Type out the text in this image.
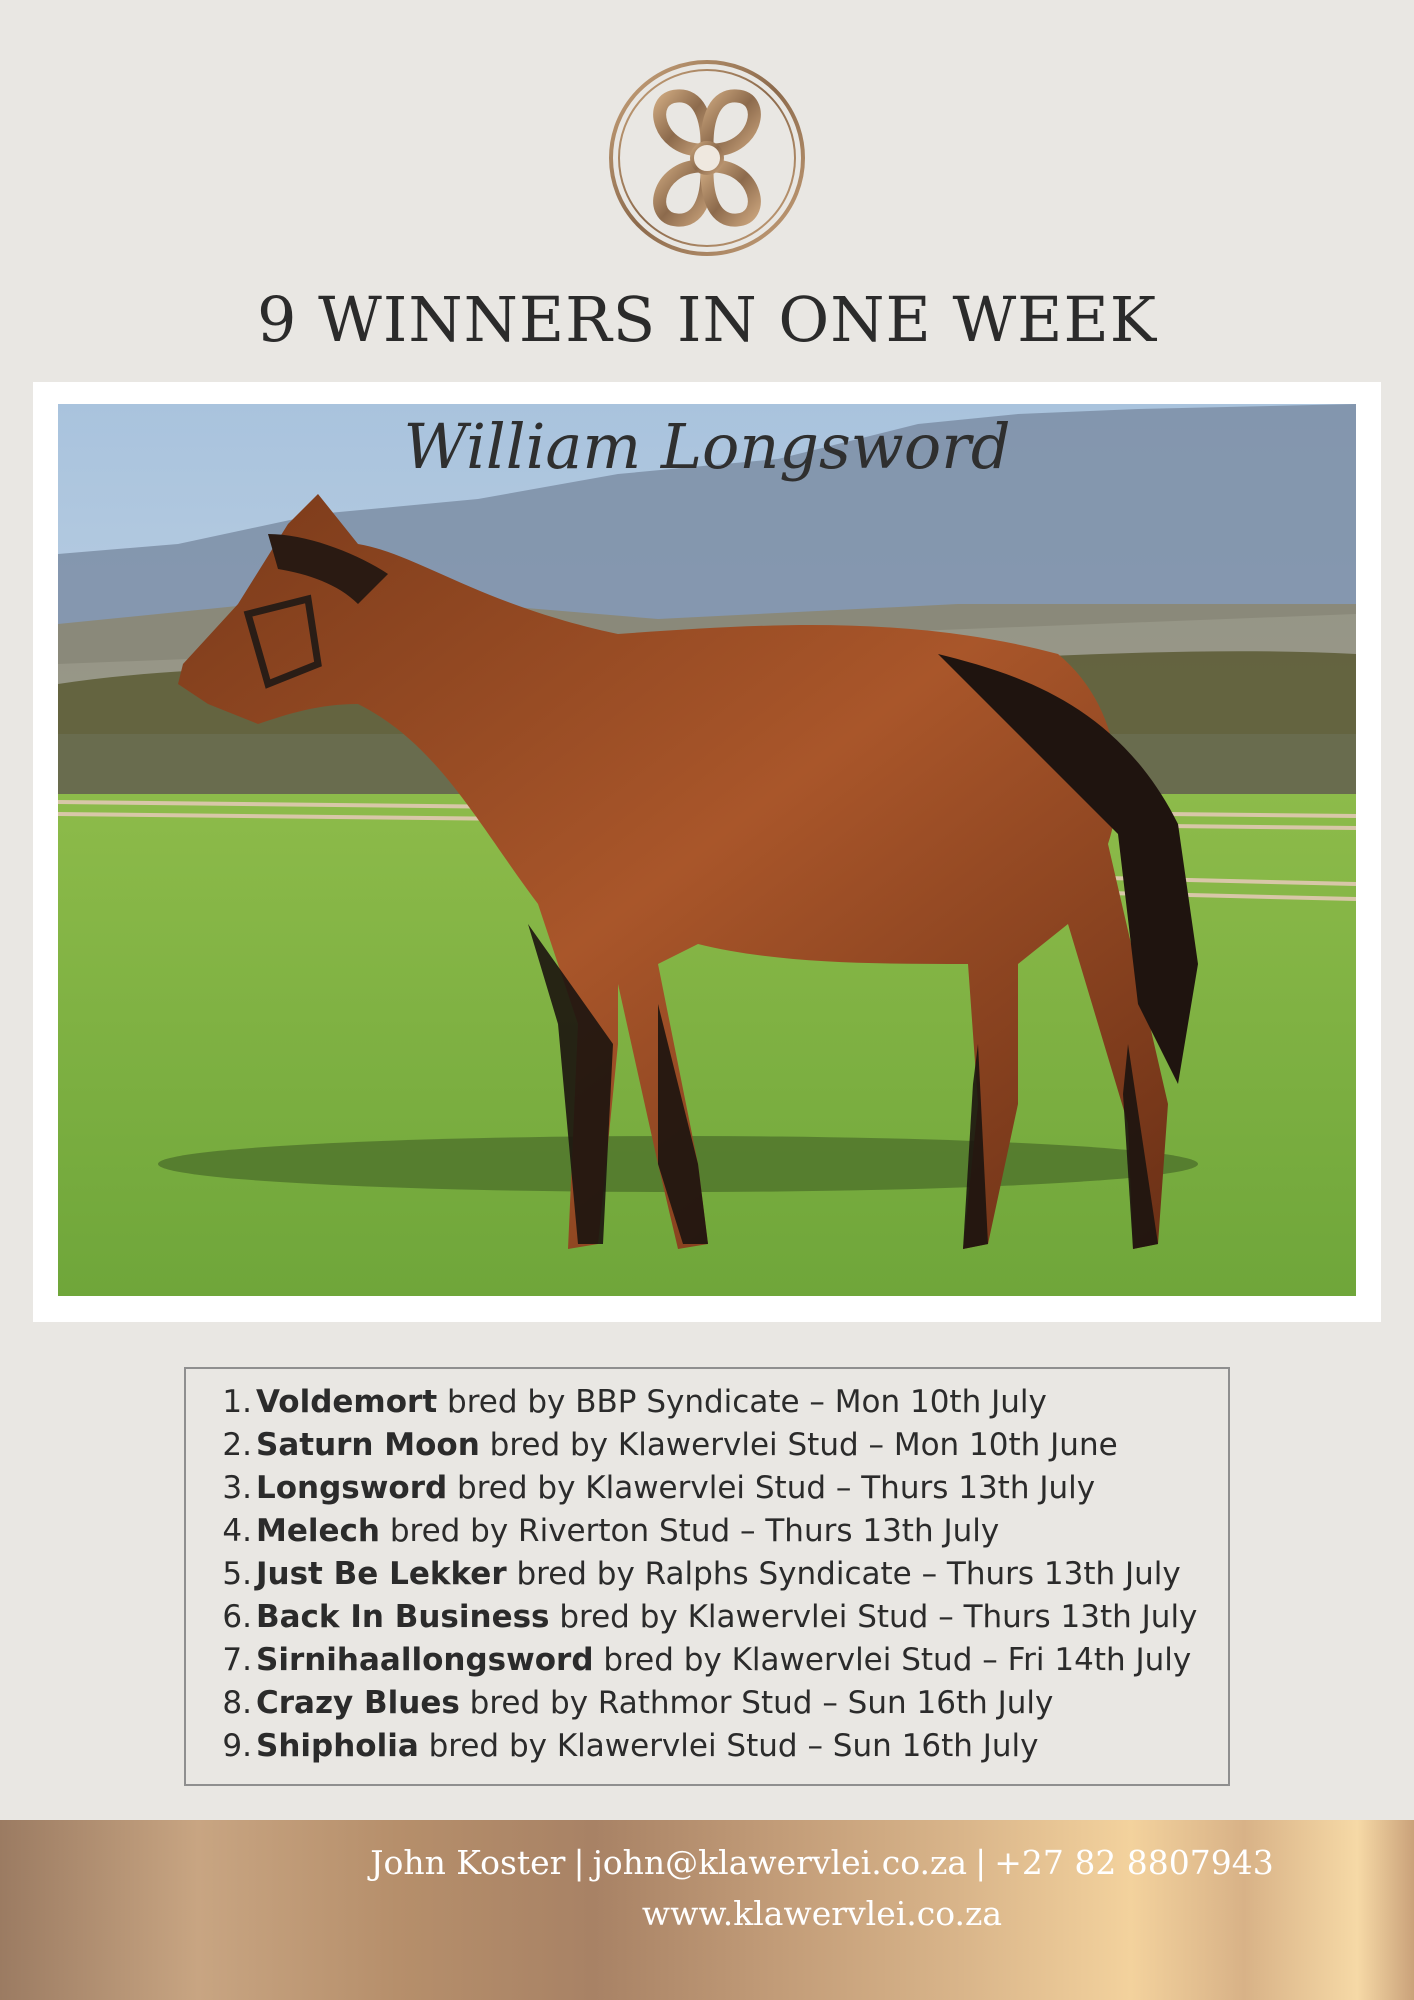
9 WINNERS IN ONE WEEK
William Longsword
1. Voldemort bred by BBP Syndicate – Mon 10th July
2. Saturn Moon bred by Klawervlei Stud – Mon 10th June
3. Longsword bred by Klawervlei Stud – Thurs 13th July
4. Melech bred by Riverton Stud – Thurs 13th July
5. Just Be Lekker bred by Ralphs Syndicate – Thurs 13th July
6. Back In Business bred by Klawervlei Stud – Thurs 13th July
7. Sirnihaallongsword bred by Klawervlei Stud – Fri 14th July
8. Crazy Blues bred by Rathmor Stud – Sun 16th July
9. Shipholia bred by Klawervlei Stud – Sun 16th July
John Koster | john@klawervlei.co.za | +27 82 8807943
www.klawervlei.co.za
